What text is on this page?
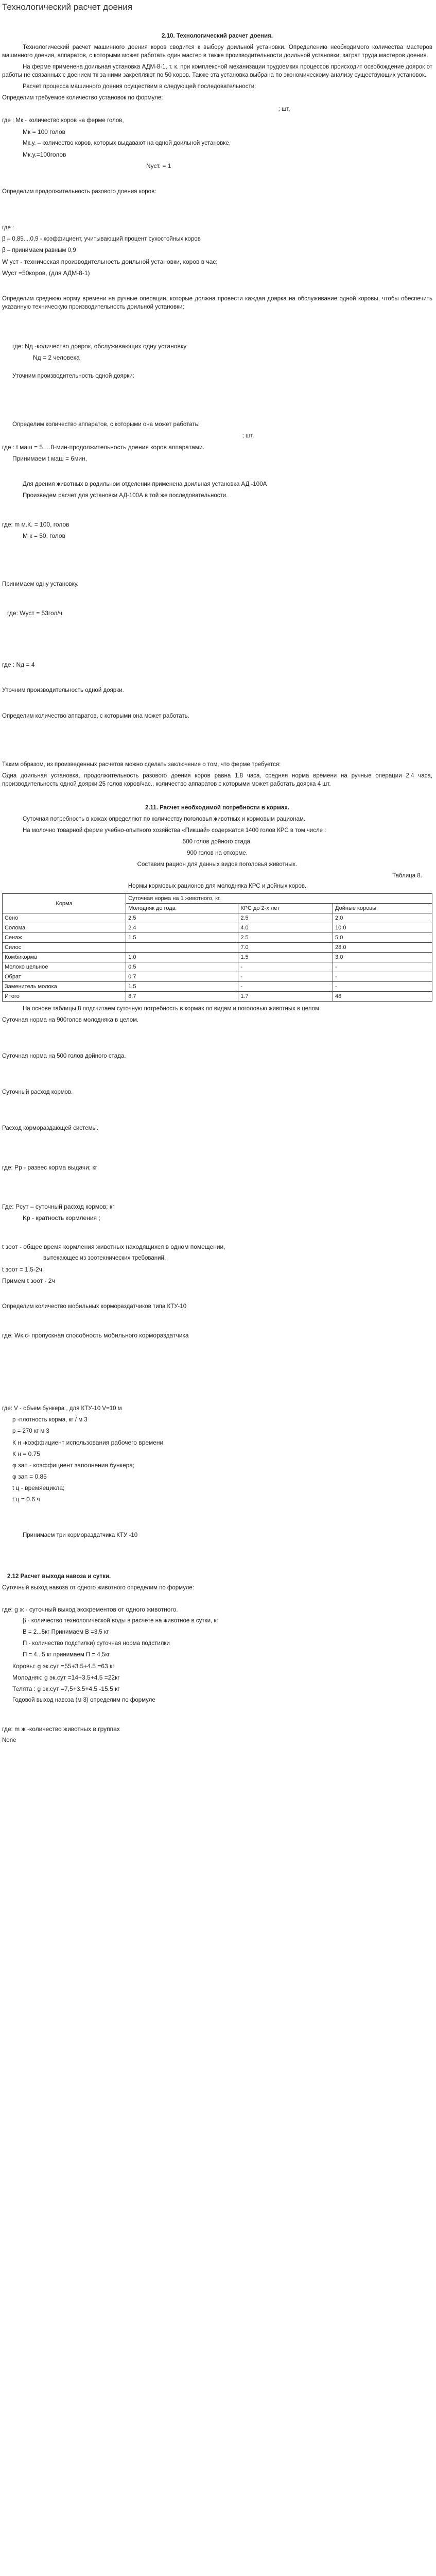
Технологический расчет доения
2.10. Технологический расчет доения.
Технологический расчет машинного доения коров сводится к выбору доильной установки. Определению необходимого количества мастеров машинного доения, аппаратов, с которыми может работать один мастер в также производительности доильной установки, затрат труда мастеров доения.
На ферме применена доильная установка АДМ-8-1, т. к. при комплексной механизации трудоемких процессов происходит освобождение доярок от работы не связанных с доением тк за ними закрепляют по 50 коров. Также эта установка выбрана по экономическому анализу существующих установок.
Расчет процесса машинного доения осуществим в следующей последовательности:
Определим требуемое количество установок по формуле:
; шт,
где : Мк - количество коров на ферме голов,
Мк = 100 голов
Мк.у. – количество коров, которых выдавают на одной доильной установке,
Мк.у.=100голов
Nуст. = 1
Определим продолжительность разового доения коров:
где :
β – 0,85....0,9 - коэффициент, учитывающий процент сухостойных коров
β – принимаем равным 0,9
W уст - техническая производительность доильной установки, коров в час;
Wуст =50коров, (для АДМ-8-1)
Определим среднюю норму времени на ручные операции, которые должна провести каждая доярка на обслуживание одной коровы, чтобы обеспечить указанную техническую производительность доильной установки;
где: Nд -количество доярок, обслуживающих одну установку
Nд = 2 человека
Уточним производительность одной доярки:
Определим количество аппаратов, с которыми она может работать:
; шт.
где : t маш = 5….8-мин-продолжительность доения коров аппаратами.
Принимаем t маш = 6мин,
Для доения животных в родильном отделении применена доильная установка АД -100А
Произведем расчет для установки АД-100А в той же последовательности.
где: m м.К. = 100, голов
М к = 50, голов
Принимаем одну установку.
где: Wуст = 53гол/ч
где : Nд = 4
Уточним производительность одной доярки.
Определим количество аппаратов, с которыми она может работать.
Таким образом, из произведенных расчетов можно сделать заключение о том, что ферме требуется:
Одна доильная установка, продолжительность разового доения коров равна 1,8 часа, средняя норма времени на ручные операции 2,4 часа, производительность одной доярки 25 голов коров/час., количество аппаратов с которыми может работать доярка 4 шт.
2.11. Расчет необходимой потребности в кормах.
Суточная потребность в кожах определяют по количеству поголовья животных и кормовым рационам.
На молочно товарной ферме учебно-опытного хозяйства «Пикшай» содержатся 1400 голов КРС в том числе :
500 голов дойного стада.
900 голов на откорме.
Составим рацион для данных видов поголовья животных.
Таблица 8.
Нормы кормовых рационов для молодняка КРС и дойных коров.
Корма	Суточная норма на 1 животного, кг.		
	Молодняк до года	КРС до 2-х лет	Дойные коровы
Сено	2.5	2.5	2.0
Солома	2.4	4.0	10.0
Сенаж	1.5	2.5	5.0
Силос		7.0	28.0
Комбикорма	1.0	1.5	3.0
Молоко цельное	0.5	-	-
Обрат	0.7	-	-
Заменитель молока	1.5	-	-
Итого	8.7	1.7	48
На основе таблицы 8 подсчитаем суточную потребность в кормах по видам и поголовью животных в целом.
Суточная норма на 900голов молодняка в целом.
Суточная норма на 500 голов дойного стада.
Суточный расход кормов.
Расход кормораздающей системы.
где: Pp - развес корма выдачи; кг
Где: Pсут – суточный расход кормов; кг
Kp - кратность кормления ;
t зоот - общее время кормления животных находящихся в одном помещении,
вытекающее из зоотехнических требований.
t зоот = 1,5-2ч.
Примем t зоот - 2ч
Определим количество мобильных кормораздатчиков типа КТУ-10
где: Wк.с- пропускная способность мобильного кормораздатчика
где: V - объем бункера , для КТУ-10 V=10 м
р -плотность корма, кг / м 3
р = 270 кг м 3
К н -коэффициент использования рабочего времени
К н = 0.75
φ зап - коэффициент заполнения бункера;
φ зап = 0.85
t ц - времяецикла;
t ц = 0.6 ч
Принимаем три кормораздатчика КТУ -10
2.12 Расчет выхода навоза и сутки.
Суточный выход навоза от одного животного определим по формуле:
где: g ж - суточный выход экскрементов от одного животного.
β - количество технологической воды в расчете на животное в сутки, кг
В = 2...5кг Принимаем В =3,5 кг
П - количество подстилки) суточная норма подстилки
П = 4...5 кг принимаем П = 4,5кг
Коровы: g эк.сут =55+3.5+4.5 =63 кг
Молодняк: g эк.сут =14+3.5+4.5 =22кг
Телята : g эк.сут =7,5+3.5+4.5 -15.5 кг
Годовой выход навоза (м 3) определим по формуле
где: m ж -количество животных в группах
None
